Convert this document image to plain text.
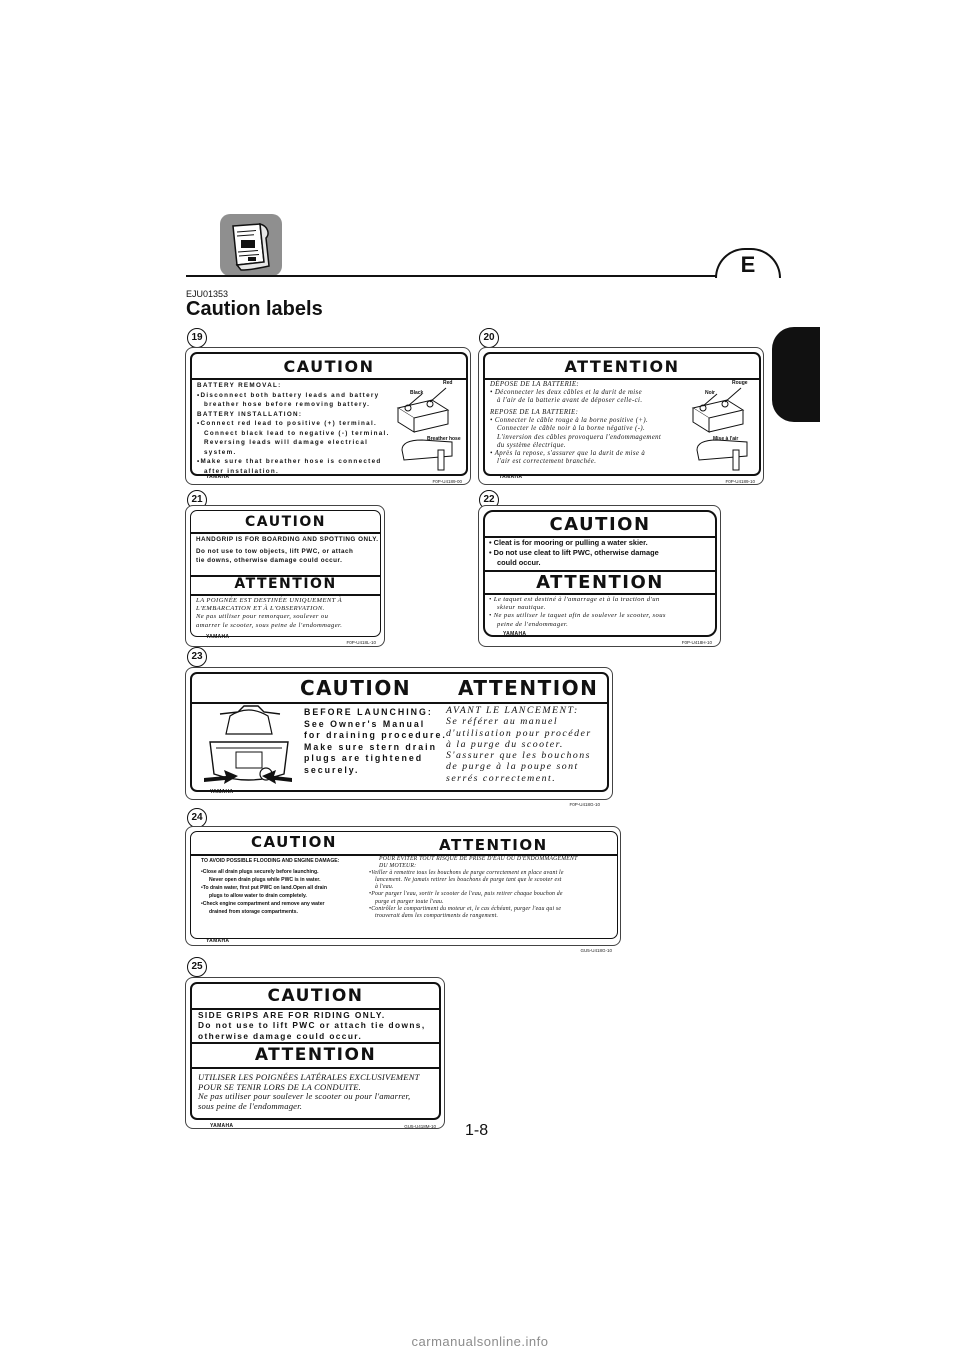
E
EJU01353
Caution labels
19
CAUTION
BATTERY REMOVAL:
•Disconnect both battery leads and battery
breather hose before removing battery.
BATTERY INSTALLATION:
•Connect red lead to positive (+) terminal.
Connect black lead to negative (-) terminal.
Reversing leads will damage electrical system.
•Make sure that breather hose is connected
after installation.
Red
Black
Breather hose
YAMAHA
F0P-U4189-00
20
ATTENTION
DÉPOSE DE LA BATTERIE:
• Déconnecter les deux câbles et la durit de mise
à l'air de la batterie avant de déposer celle-ci.
REPOSE DE LA BATTERIE:
• Connecter le câble rouge à la borne positive (+).
Connecter le câble noir à la borne négative (-).
L'inversion des câbles provoquera l'endommagement
du système électrique.
• Après la repose, s'assurer que la durit de mise à
l'air est correctement branchée.
Rouge
Noir
Mise à l'air
YAMAHA
F0P-U4189-10
21
CAUTION
HANDGRIP IS FOR BOARDING AND SPOTTING ONLY.
Do not use to tow objects, lift PWC, or attach
tie downs, otherwise damage could occur.
ATTENTION
LA POIGNÉE EST DESTINÉE UNIQUEMENT À
L'EMBARCATION ET À L'OBSERVATION.
Ne pas utiliser pour remorquer, soulever ou
amarrer le scooter, sous peine de l'endommager.
YAMAHA
F0P-U418L-10
22
CAUTION
• Cleat is for mooring or pulling a water skier.
• Do not use cleat to lift PWC, otherwise damage
could occur.
ATTENTION
• Le taquet est destiné à l'amarrage et à la traction d'un
skieur nautique.
• Ne pas utiliser le taquet afin de soulever le scooter, sous
peine de l'endommager.
YAMAHA
F0P-U418H-10
23
CAUTION ATTENTION
BEFORE LAUNCHING:
See Owner's Manual
for draining procedure.
Make sure stern drain
plugs are tightened
securely.
AVANT LE LANCEMENT:
Se référer au manuel
d'utilisation pour procéder
à la purge du scooter.
S'assurer que les bouchons
de purge à la poupe sont
serrés correctement.
YAMAHA
F0P-U418G-10
24
CAUTION	ATTENTION
TO AVOID POSSIBLE FLOODING AND ENGINE DAMAGE:
•Close all drain plugs securely before launching.
Never open drain plugs while PWC is in water.
•To drain water, first put PWC on land.Open all drain
plugs to allow water to drain completely.
•Check engine compartment and remove any water
drained from storage compartments.
POUR ÉVITER TOUT RISQUE DE PRISE D'EAU OU D'ENDOMMAGEMENT
DU MOTEUR:
•Veiller à remettre tous les bouchons de purge correctement en place avant le
lancement. Ne jamais retirer les bouchons de purge tant que le scooter est
à l'eau.
•Pour purger l'eau, sortir le scooter de l'eau, puis retirer chaque bouchon de
purge et purger toute l'eau.
•Contrôler le compartiment du moteur et, le cas échéant, purger l'eau qui se
trouverait dans les compartiments de rangement.
YAMAHA
GU5-U418G-10
25
CAUTION
SIDE GRIPS ARE FOR RIDING ONLY.
Do not use to lift PWC or attach tie downs,
otherwise damage could occur.
ATTENTION
UTILISER LES POIGNÉES LATÉRALES EXCLUSIVEMENT
POUR SE TENIR LORS DE LA CONDUITE.
Ne pas utiliser pour soulever le scooter ou pour l'amarrer,
sous peine de l'endommager.
YAMAHA	GU5-U418M-10 1-8
carmanualsonline.info
